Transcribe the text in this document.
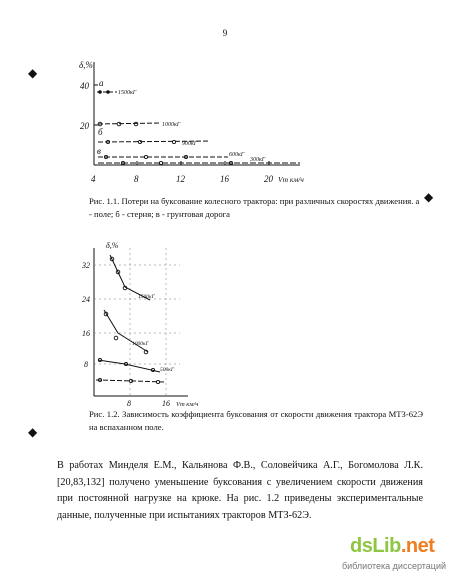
9
◆
◆
◆
δ,%
40
20
4	8	12	16	20 Vт км/ч
а
б
в
1500кГ
1000кГ
900кГ
600кГ
300кГ
Рис. 1.1. Потери на буксование колесного трактора: при различных скоростях движения. а - поле; б - стерня; в - грунтовая дорога
δ,%
32
24
16
8
8	16 Vт км/ч
1500кГ
1000кГ
500кГ
Рис. 1.2. Зависимость коэффициента буксования от скорости движения трактора МТЗ-62Э на вспаханном поле.
В работах Минделя Е.М., Кальянова Ф.В., Соловейчика А.Г., Богомолова Л.К. [20,83,132] получено уменьшение буксования с увеличением скорости движения при постоянной нагрузке на крюке. На рис. 1.2 приведены экспериментальные данные, полученные при испытаниях тракторов МТЗ-62Э.
dsLib.net
библиотека диссертаций
